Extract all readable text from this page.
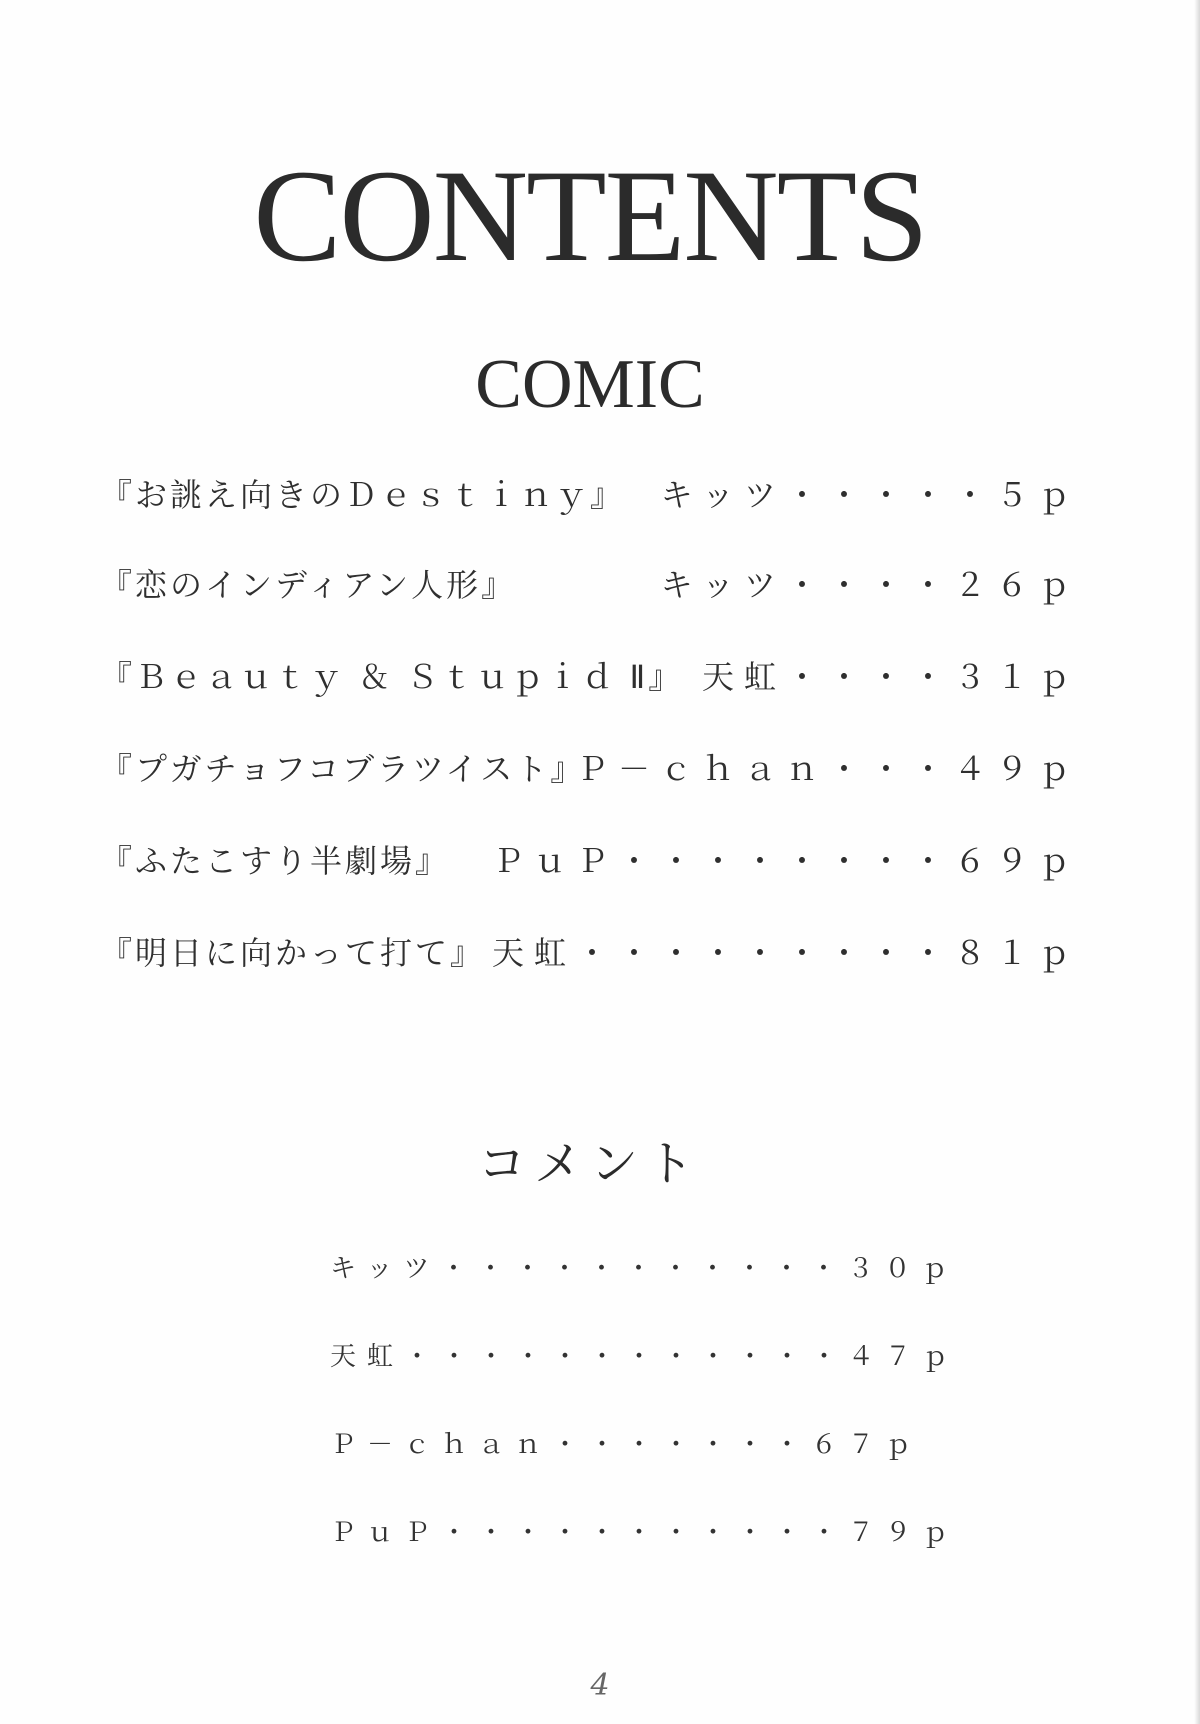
CONTENTS
COMIC
『お誂え向きのＤｅｓｔｉｎｙ』 キッツ・・・・・５ｐ
『恋のインディアン人形』	キッツ・・・・２６ｐ
『Ｂｅａｕｔｙ ＆ Ｓｔｕｐｉｄ Ⅱ』 天虹・・・・３１ｐ
『プガチョフコブラツイスト』
Ｐ－ｃｈａｎ・・・４９ｐ
『ふたこすり半劇場』 ＰｕＰ・・・・・・・・６９ｐ
『明日に向かって打て』 天虹・・・・・・・・・８１ｐ
コメント
キッツ・・・・・・・・・・・３０ｐ
天虹・・・・・・・・・・・・４７ｐ
Ｐ－ｃｈａｎ・・・・・・・６７ｐ
ＰｕＰ・・・・・・・・・・・７９ｐ
4
